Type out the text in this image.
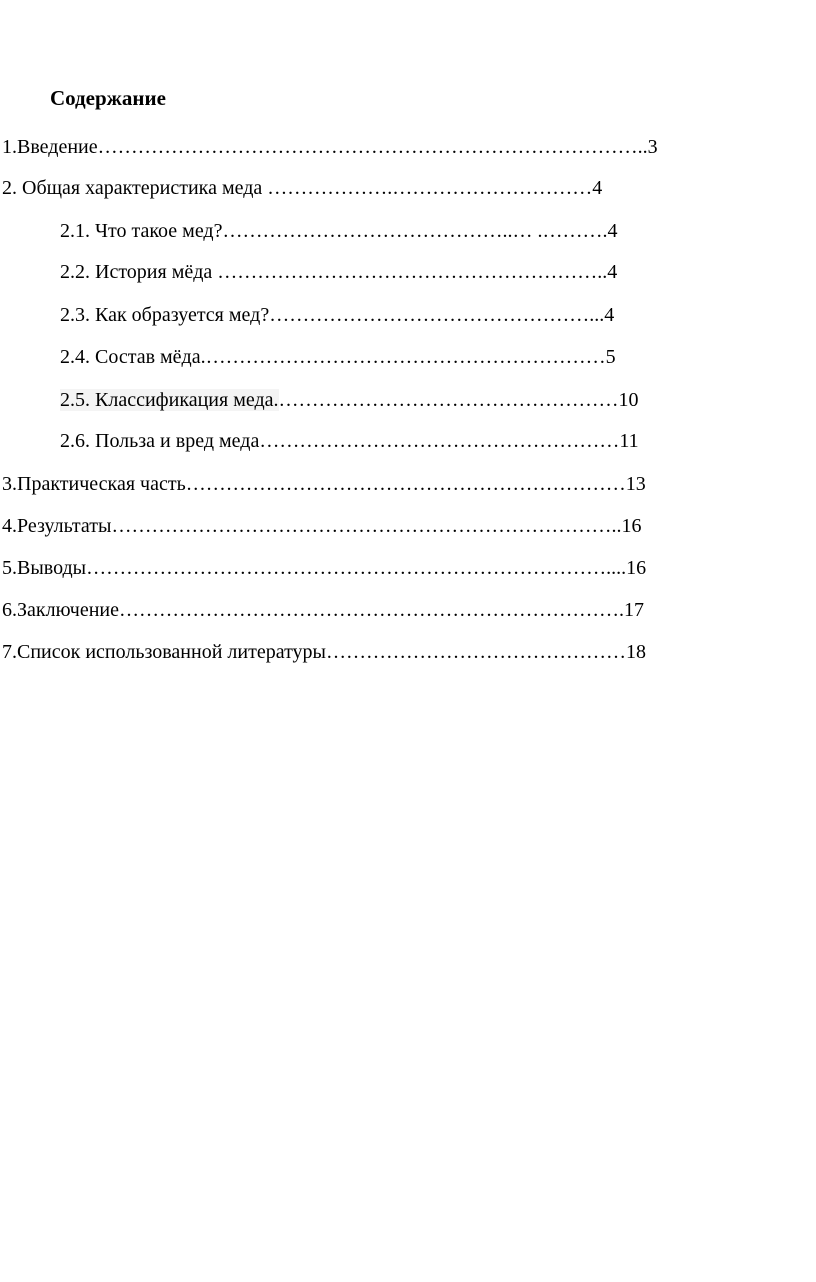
Содержание

1.Введение………………………………………………………………………..3

2. Общая характеристика меда ……………….…………………………4

2.1. Что такое мед?……………………………………..… .……….4

2.2. История мёда …………………………………………………..4

2.3. Как образуется мед?…………………………………………...4

2.4. Состав мёда.……………………………………………………5

2.5. Классификация меда.……………………………………………10

2.6. Польза и вред меда………………………………………………11

3.Практическая часть…………………………………………………………13

4.Результаты…………………………………………………………………..16

5.Выводы……………………………………………………………………....16

6.Заключение………………………………………………………………….17

7.Список использованной литературы………………………………………18
